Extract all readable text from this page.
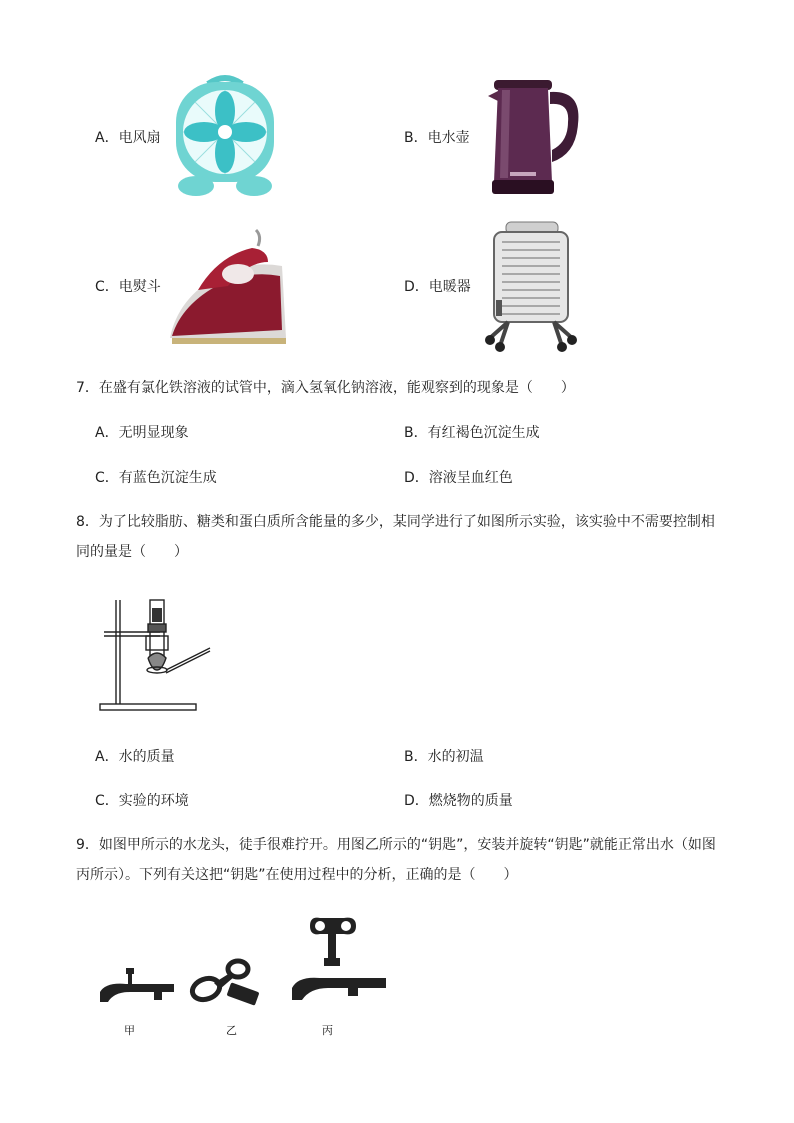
A．电风扇	B．电水壶
C．电熨斗	D．电暖器
7．在盛有氯化铁溶液的试管中，滴入氢氧化钠溶液，能观察到的现象是（　　）
A．无明显现象	B．有红褐色沉淀生成
C．有蓝色沉淀生成	D．溶液呈血红色
8．为了比较脂肪、糖类和蛋白质所含能量的多少，某同学进行了如图所示实验，该实验中不需要控制相同的量是（　　）
A．水的质量	B．水的初温
C．实验的环境	D．燃烧物的质量
9．如图甲所示的水龙头，徒手很难拧开。用图乙所示的“钥匙”，安装并旋转“钥匙”就能正常出水（如图丙所示）。下列有关这把“钥匙”在使用过程中的分析，正确的是（　　）
甲	乙	丙
